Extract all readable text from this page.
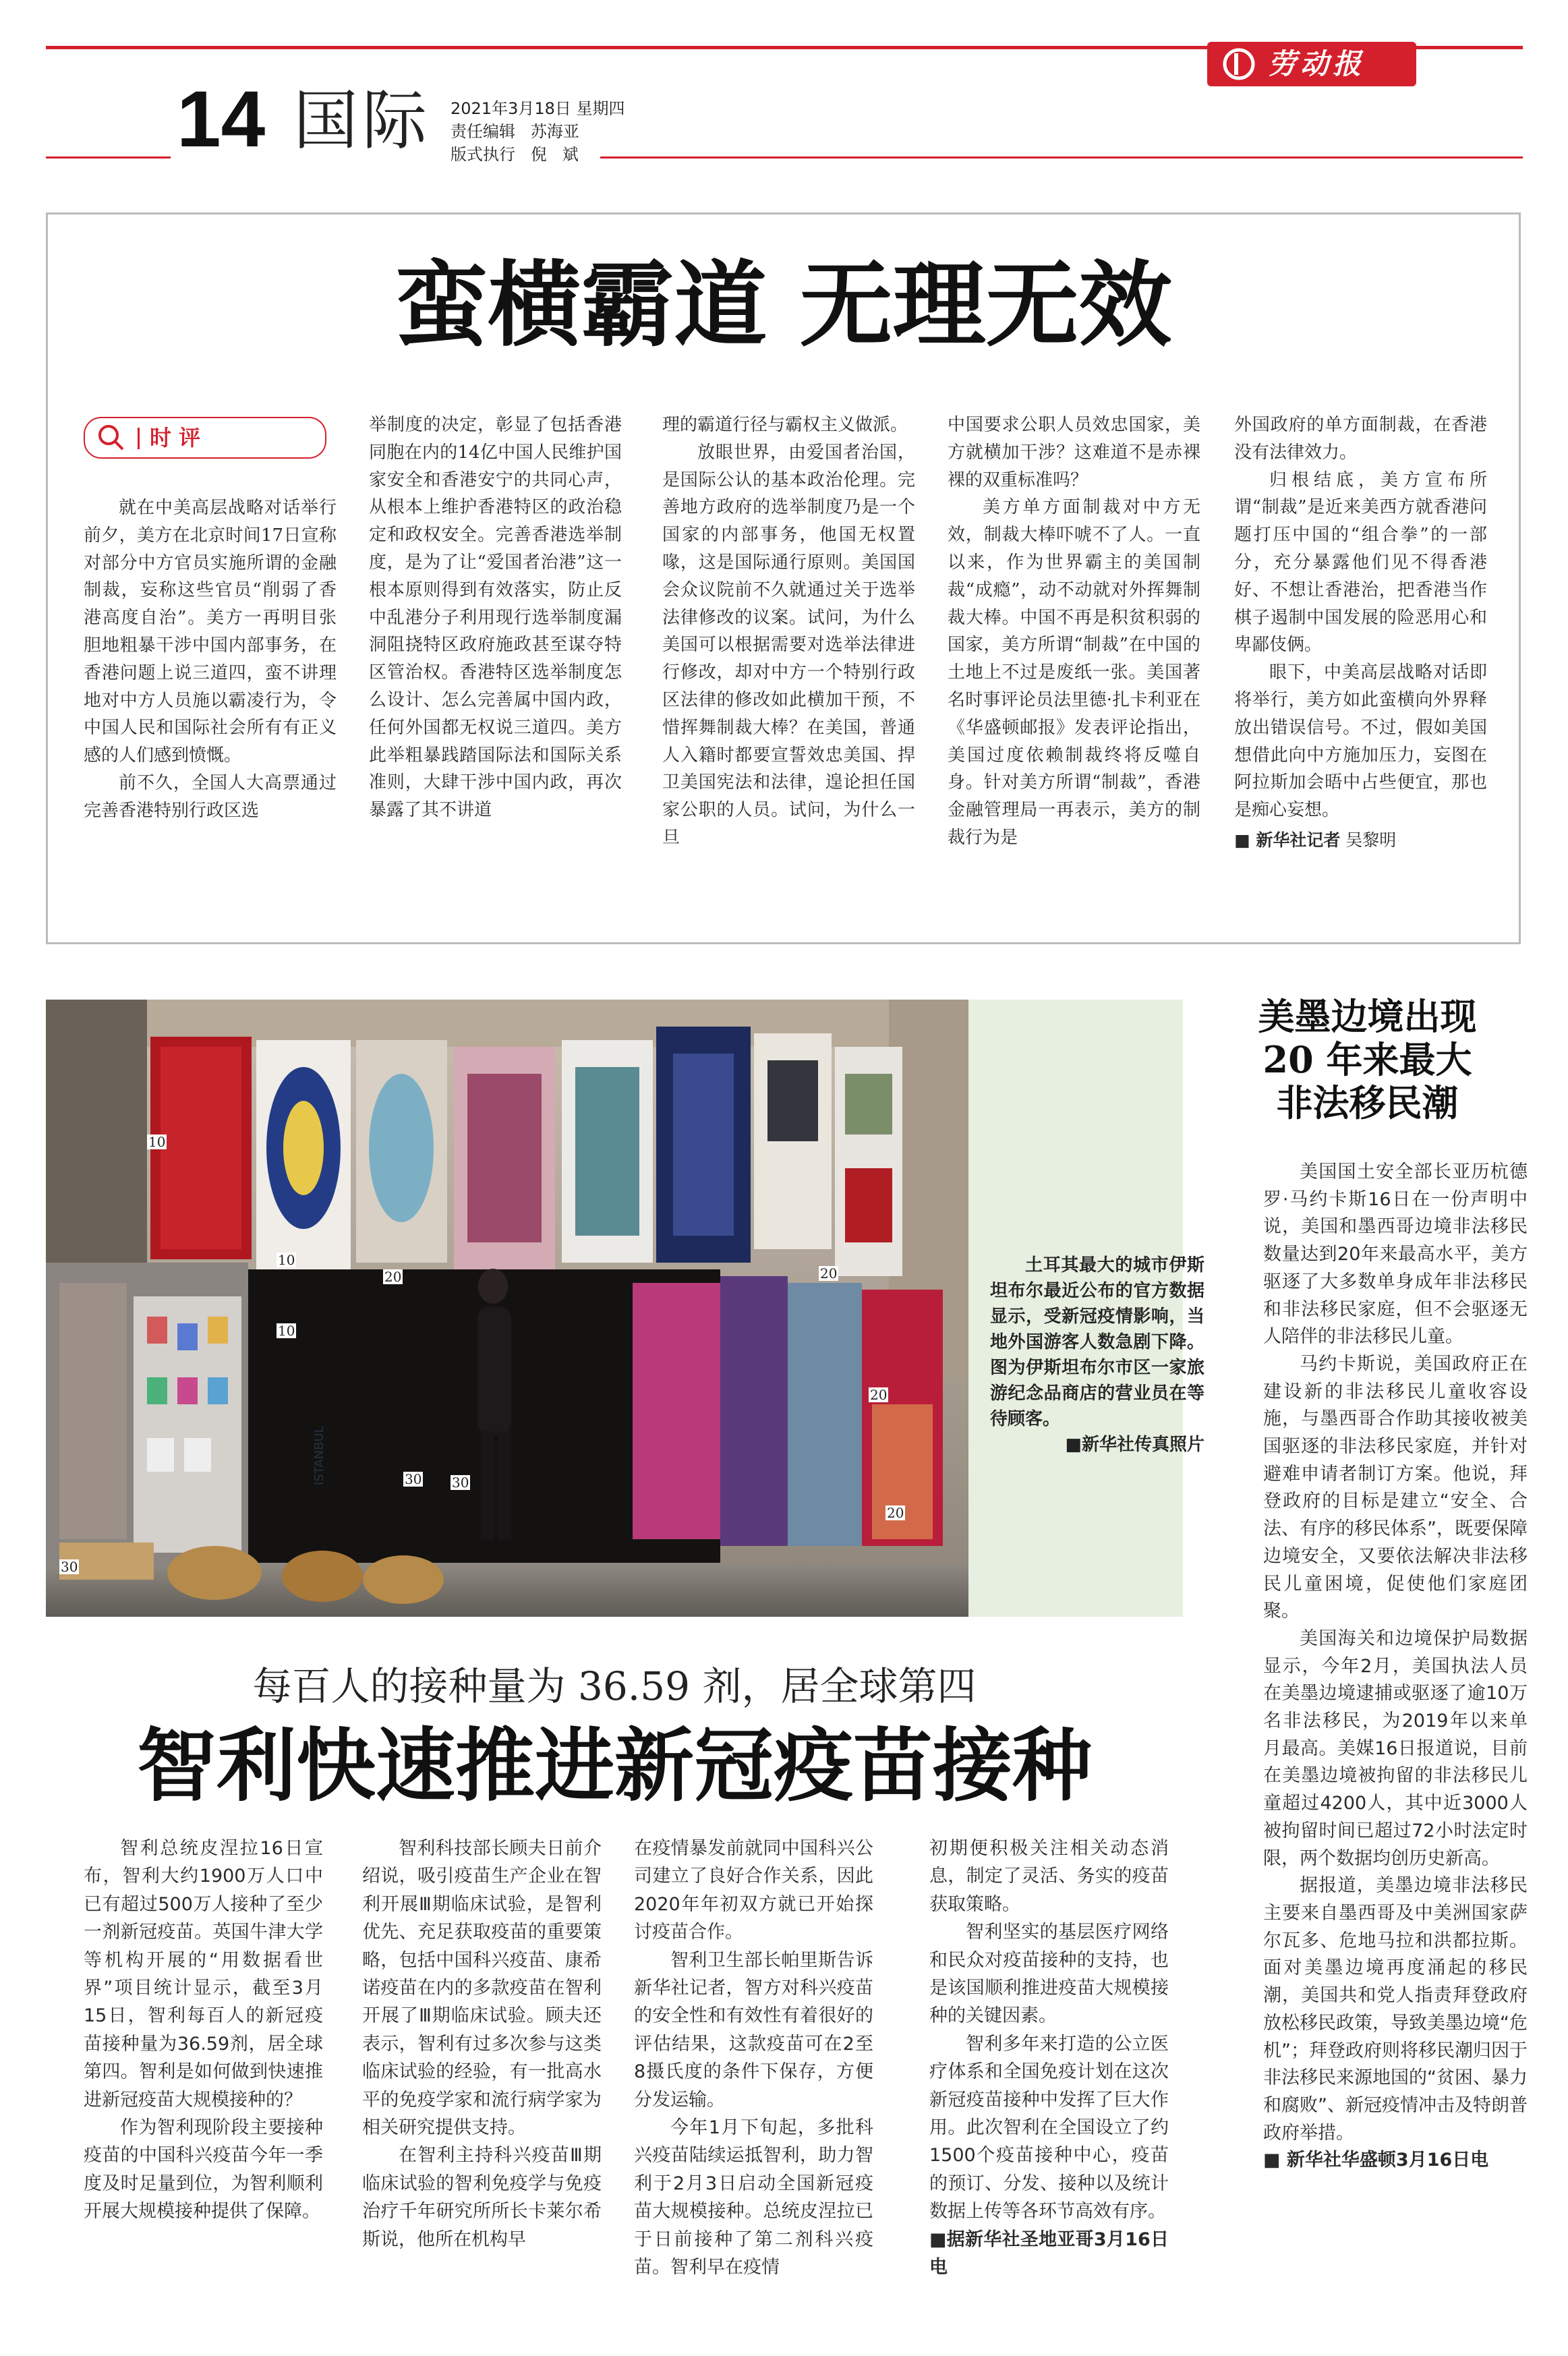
劳动报
14 国际 2021年3月18日 星期四
责任编辑   苏海亚
版式执行   倪   斌
蛮横霸道 无理无效
时 评

就在中美高层战略对话举行前夕，美方在北京时间17日宣称对部分中方官员实施所谓的金融制裁，妄称这些官员“削弱了香港高度自治”。美方一再明目张胆地粗暴干涉中国内部事务，在香港问题上说三道四，蛮不讲理地对中方人员施以霸凌行为，令中国人民和国际社会所有有正义感的人们感到愤慨。

前不久，全国人大高票通过完善香港特别行政区选

举制度的决定，彰显了包括香港同胞在内的14亿中国人民维护国家安全和香港安宁的共同心声，从根本上维护香港特区的政治稳定和政权安全。完善香港选举制度，是为了让“爱国者治港”这一根本原则得到有效落实，防止反中乱港分子利用现行选举制度漏洞阻挠特区政府施政甚至谋夺特区管治权。香港特区选举制度怎么设计、怎么完善属中国内政，任何外国都无权说三道四。美方此举粗暴践踏国际法和国际关系准则，大肆干涉中国内政，再次暴露了其不讲道

理的霸道行径与霸权主义做派。

放眼世界，由爱国者治国，是国际公认的基本政治伦理。完善地方政府的选举制度乃是一个国家的内部事务，他国无权置喙，这是国际通行原则。美国国会众议院前不久就通过关于选举法律修改的议案。试问，为什么美国可以根据需要对选举法律进行修改，却对中方一个特别行政区法律的修改如此横加干预，不惜挥舞制裁大棒？在美国，普通人入籍时都要宣誓效忠美国、捍卫美国宪法和法律，遑论担任国家公职的人员。试问，为什么一旦

中国要求公职人员效忠国家，美方就横加干涉？这难道不是赤裸裸的双重标准吗？

美方单方面制裁对中方无效，制裁大棒吓唬不了人。一直以来，作为世界霸主的美国制裁“成瘾”，动不动就对外挥舞制裁大棒。中国不再是积贫积弱的国家，美方所谓“制裁”在中国的土地上不过是废纸一张。美国著名时事评论员法里德·扎卡利亚在《华盛顿邮报》发表评论指出，美国过度依赖制裁终将反噬自身。针对美方所谓“制裁”，香港金融管理局一再表示，美方的制裁行为是

外国政府的单方面制裁，在香港没有法律效力。

归根结底，美方宣布所谓“制裁”是近来美西方就香港问题打压中国的“组合拳”的一部分，充分暴露他们见不得香港好、不想让香港治，把香港当作棋子遏制中国发展的险恶用心和卑鄙伎俩。

眼下，中美高层战略对话即将举行，美方如此蛮横向外界释放出错误信号。不过，假如美国想借此向中方施加压力，妄图在阿拉斯加会晤中占些便宜，那也是痴心妄想。

■ 新华社记者 吴黎明

10
10
10
20	20
30 30
30
20
20
ISTANBUL

土耳其最大的城市伊斯坦布尔最近公布的官方数据显示，受新冠疫情影响，当地外国游客人数急剧下降。图为伊斯坦布尔市区一家旅游纪念品商店的营业员在等待顾客。

■新华社传真照片

每百人的接种量为 36.59 剂，居全球第四
智利快速推进新冠疫苗接种

智利总统皮涅拉16日宣布，智利大约1900万人口中已有超过500万人接种了至少一剂新冠疫苗。英国牛津大学等机构开展的“用数据看世界”项目统计显示，截至3月15日，智利每百人的新冠疫苗接种量为36.59剂，居全球第四。智利是如何做到快速推进新冠疫苗大规模接种的？

作为智利现阶段主要接种疫苗的中国科兴疫苗今年一季度及时足量到位，为智利顺利开展大规模接种提供了保障。

智利科技部长顾夫日前介绍说，吸引疫苗生产企业在智利开展Ⅲ期临床试验，是智利优先、充足获取疫苗的重要策略，包括中国科兴疫苗、康希诺疫苗在内的多款疫苗在智利开展了Ⅲ期临床试验。顾夫还表示，智利有过多次参与这类临床试验的经验，有一批高水平的免疫学家和流行病学家为相关研究提供支持。

在智利主持科兴疫苗Ⅲ期临床试验的智利免疫学与免疫治疗千年研究所所长卡莱尔希斯说，他所在机构早

在疫情暴发前就同中国科兴公司建立了良好合作关系，因此2020年年初双方就已开始探讨疫苗合作。

智利卫生部长帕里斯告诉新华社记者，智方对科兴疫苗的安全性和有效性有着很好的评估结果，这款疫苗可在2至8摄氏度的条件下保存，方便分发运输。

今年1月下旬起，多批科兴疫苗陆续运抵智利，助力智利于2月3日启动全国新冠疫苗大规模接种。总统皮涅拉已于日前接种了第二剂科兴疫苗。智利早在疫情

初期便积极关注相关动态消息，制定了灵活、务实的疫苗获取策略。

智利坚实的基层医疗网络和民众对疫苗接种的支持，也是该国顺利推进疫苗大规模接种的关键因素。

智利多年来打造的公立医疗体系和全国免疫计划在这次新冠疫苗接种中发挥了巨大作用。此次智利在全国设立了约1500个疫苗接种中心，疫苗的预订、分发、接种以及统计数据上传等各环节高效有序。

■据新华社圣地亚哥3月16日电

美墨边境出现
20 年来最大
非法移民潮

美国国土安全部长亚历杭德罗·马约卡斯16日在一份声明中说，美国和墨西哥边境非法移民数量达到20年来最高水平，美方驱逐了大多数单身成年非法移民和非法移民家庭，但不会驱逐无人陪伴的非法移民儿童。

马约卡斯说，美国政府正在建设新的非法移民儿童收容设施，与墨西哥合作助其接收被美国驱逐的非法移民家庭，并针对避难申请者制订方案。他说，拜登政府的目标是建立“安全、合法、有序的移民体系”，既要保障边境安全，又要依法解决非法移民儿童困境，促使他们家庭团聚。

美国海关和边境保护局数据显示，今年2月，美国执法人员在美墨边境逮捕或驱逐了逾10万名非法移民，为2019年以来单月最高。美媒16日报道说，目前在美墨边境被拘留的非法移民儿童超过4200人，其中近3000人被拘留时间已超过72小时法定时限，两个数据均创历史新高。

据报道，美墨边境非法移民主要来自墨西哥及中美洲国家萨尔瓦多、危地马拉和洪都拉斯。面对美墨边境再度涌起的移民潮，美国共和党人指责拜登政府放松移民政策，导致美墨边境“危机”；拜登政府则将移民潮归因于非法移民来源地国的“贫困、暴力和腐败”、新冠疫情冲击及特朗普政府举措。

■ 新华社华盛顿3月16日电
